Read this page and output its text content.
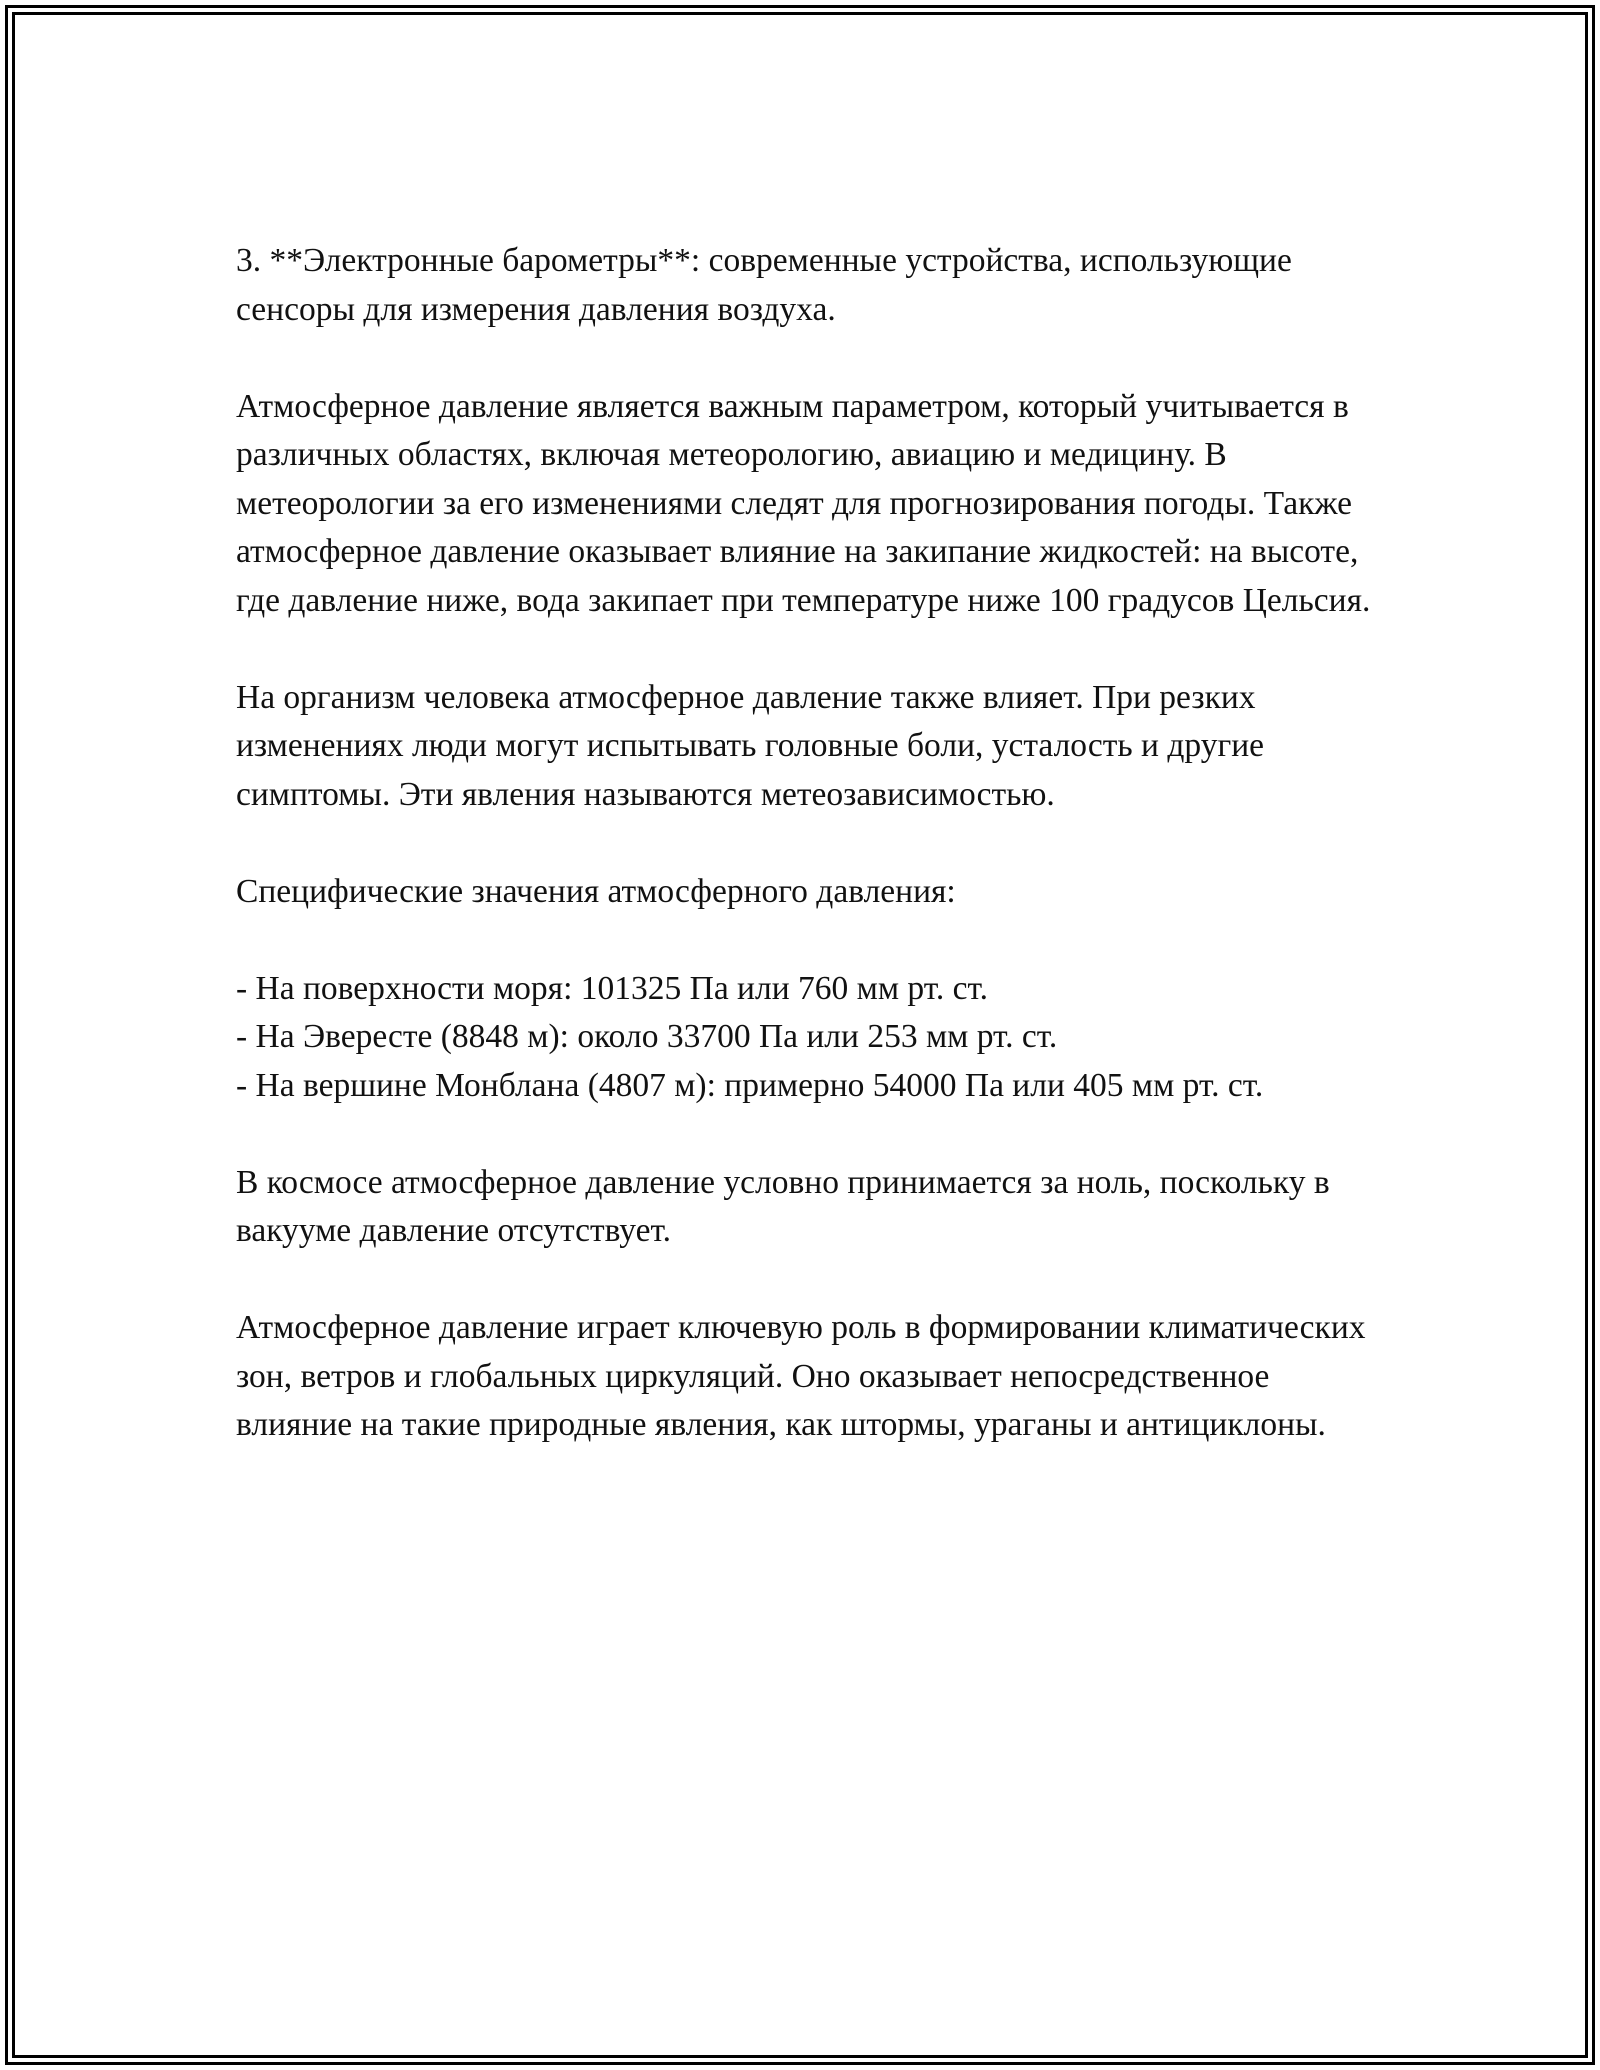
3. **Электронные барометры**: современные устройства, использующие сенсоры для измерения давления воздуха.

Атмосферное давление является важным параметром, который учитывается в различных областях, включая метеорологию, авиацию и медицину. В метеорологии за его изменениями следят для прогнозирования погоды. Также атмосферное давление оказывает влияние на закипание жидкостей: на высоте, где давление ниже, вода закипает при температуре ниже 100 градусов Цельсия.

На организм человека атмосферное давление также влияет. При резких изменениях люди могут испытывать головные боли, усталость и другие симптомы. Эти явления называются метеозависимостью.

Специфические значения атмосферного давления:

- На поверхности моря: 101325 Па или 760 мм рт. ст.
- На Эвересте (8848 м): около 33700 Па или 253 мм рт. ст.
- На вершине Монблана (4807 м): примерно 54000 Па или 405 мм рт. ст.

В космосе атмосферное давление условно принимается за ноль, поскольку в вакууме давление отсутствует.

Атмосферное давление играет ключевую роль в формировании климатических зон, ветров и глобальных циркуляций. Оно оказывает непосредственное влияние на такие природные явления, как штормы, ураганы и антициклоны.
